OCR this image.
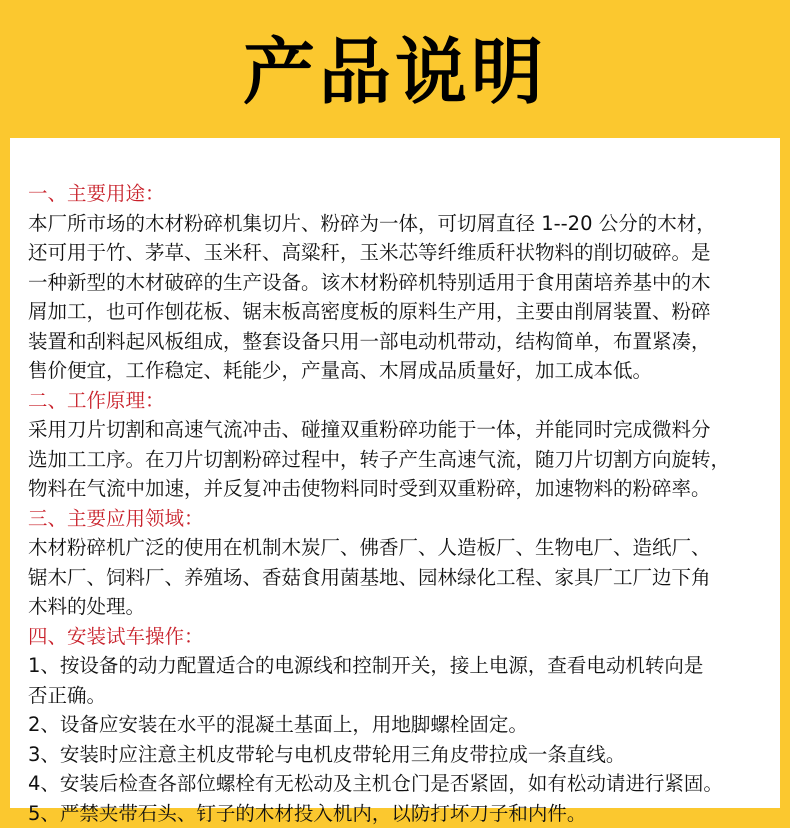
产品说明
一、主要用途：
本厂所市场的木材粉碎机集切片、粉碎为一体，可切屑直径 1--20 公分的木材，
还可用于竹、茅草、玉米秆、高粱秆，玉米芯等纤维质秆状物料的削切破碎。是
一种新型的木材破碎的生产设备。该木材粉碎机特别适用于食用菌培养基中的木
屑加工，也可作刨花板、锯末板高密度板的原料生产用，主要由削屑装置、粉碎
装置和刮料起风板组成，整套设备只用一部电动机带动，结构简单，布置紧凑，
售价便宜，工作稳定、耗能少，产量高、木屑成品质量好，加工成本低。
二、工作原理：
采用刀片切割和高速气流冲击、碰撞双重粉碎功能于一体，并能同时完成微料分
选加工工序。在刀片切割粉碎过程中，转子产生高速气流，随刀片切割方向旋转，
物料在气流中加速，并反复冲击使物料同时受到双重粉碎，加速物料的粉碎率。
三、主要应用领域：
木材粉碎机广泛的使用在机制木炭厂、佛香厂、人造板厂、生物电厂、造纸厂、
锯木厂、饲料厂、养殖场、香菇食用菌基地、园林绿化工程、家具厂工厂边下角
木料的处理。
四、安装试车操作：
1、按设备的动力配置适合的电源线和控制开关，接上电源，查看电动机转向是
否正确。
2、设备应安装在水平的混凝土基面上，用地脚螺栓固定。
3、安装时应注意主机皮带轮与电机皮带轮用三角皮带拉成一条直线。
4、安装后检查各部位螺栓有无松动及主机仓门是否紧固，如有松动请进行紧固。
5、严禁夹带石头、钉子的木材投入机内，以防打坏刀子和内件。
